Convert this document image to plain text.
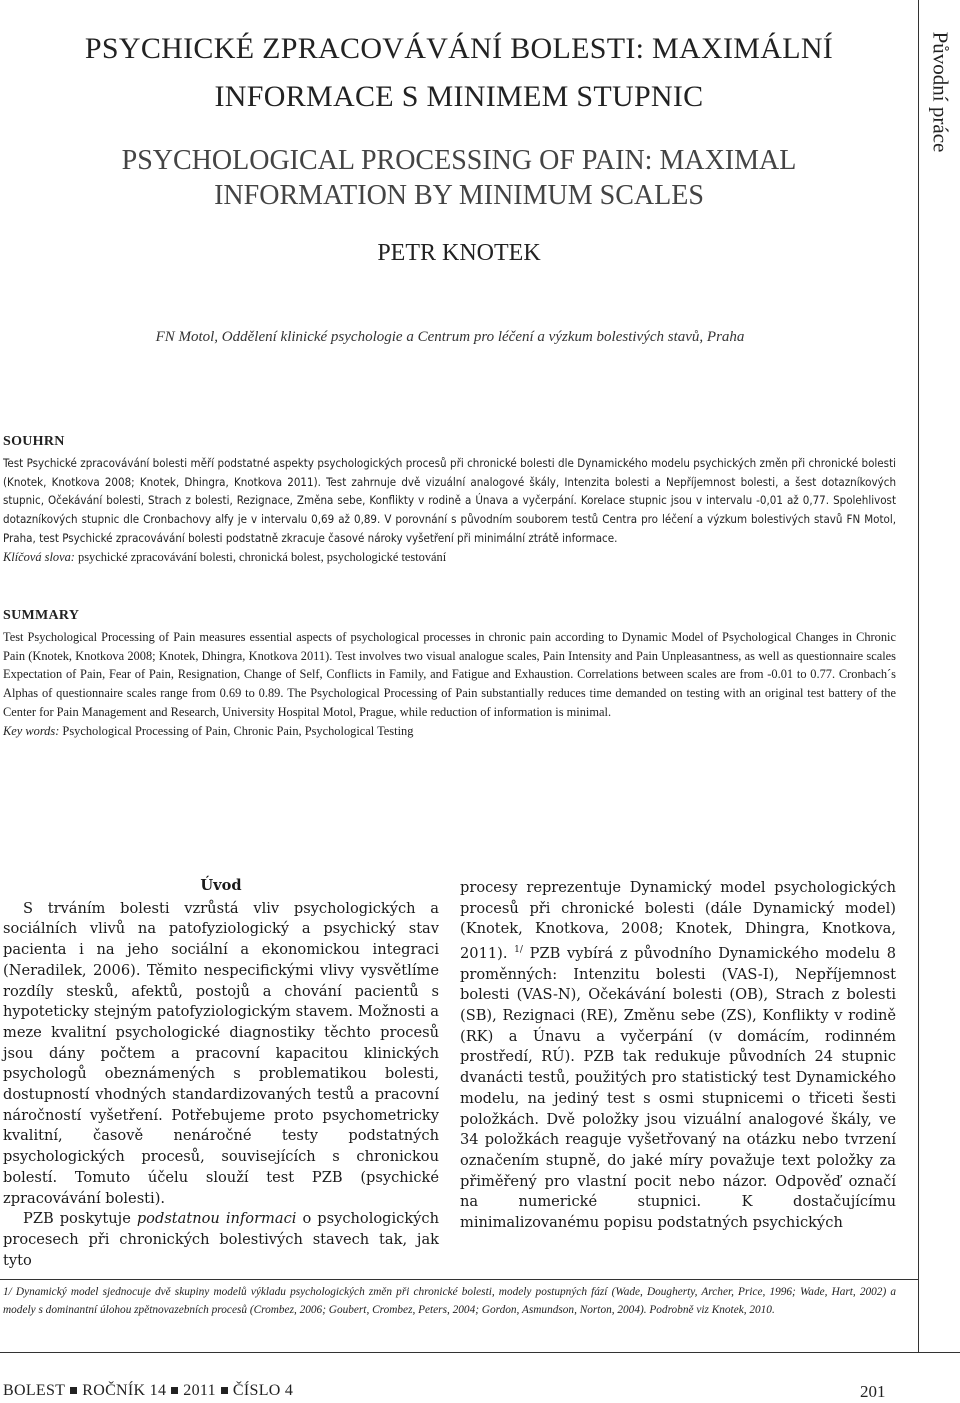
Původní práce
PSYCHICKÉ ZPRACOVÁVÁNÍ BOLESTI: MAXIMÁLNÍ
INFORMACE S MINIMEM STUPNIC
PSYCHOLOGICAL PROCESSING OF PAIN: MAXIMAL
INFORMATION BY MINIMUM SCALES
PETR KNOTEK
FN Motol, Oddělení klinické psychologie a Centrum pro léčení a výzkum bolestivých stavů, Praha
SOUHRN
Test Psychické zpracovávání bolesti měří podstatné aspekty psychologických procesů při chronické bolesti dle Dynamického modelu psychických změn při chronické bolesti (Knotek, Knotkova 2008; Knotek, Dhingra, Knotkova 2011). Test zahrnuje dvě vizuální analogové škály, Intenzita bolesti a Nepříjemnost bolesti, a šest dotazníkových stupnic, Očekávání bolesti, Strach z bolesti, Rezignace, Změna sebe, Konflikty v rodině a Únava a vyčerpání. Korelace stupnic jsou v intervalu -0,01 až 0,77. Spolehlivost dotazníkových stupnic dle Cronbachovy alfy je v intervalu 0,69 až 0,89. V porovnání s původním souborem testů Centra pro léčení a výzkum bolestivých stavů FN Motol, Praha, test Psychické zpracovávání bolesti podstatně zkracuje časové nároky vyšetření při minimální ztrátě informace.
Klíčová slova: psychické zpracovávání bolesti, chronická bolest, psychologické testování
SUMMARY
Test Psychological Processing of Pain measures essential aspects of psychological processes in chronic pain according to Dynamic Model of Psychological Changes in Chronic Pain (Knotek, Knotkova 2008; Knotek, Dhingra, Knotkova 2011). Test involves two visual analogue scales, Pain Intensity and Pain Unpleasantness, as well as questionnaire scales Expectation of Pain, Fear of Pain, Resignation, Change of Self, Conflicts in Family, and Fatigue and Exhaustion. Correlations between scales are from -0.01 to 0.77. Cronbach´s Alphas of questionnaire scales range from 0.69 to 0.89. The Psychological Processing of Pain substantially reduces time demanded on testing with an original test battery of the Center for Pain Management and Research, University Hospital Motol, Prague, while reduction of information is minimal.
Key words: Psychological Processing of Pain, Chronic Pain, Psychological Testing
Úvod

S trváním bolesti vzrůstá vliv psychologických a sociálních vlivů na patofyziologický a psychický stav pacienta i na jeho sociální a ekonomickou integraci (Neradilek, 2006). Těmito nespecifickými vlivy vysvětlíme rozdíly stesků, afektů, postojů a chování pacientů s hypoteticky stejným patofyziologickým stavem. Možnosti a meze kvalitní psychologické diagnostiky těchto procesů jsou dány počtem a pracovní kapacitou klinických psychologů obeznámených s problematikou bolesti, dostupností vhodných standardizovaných testů a pracovní náročností vyšetření. Potřebujeme proto psychometricky kvalitní, časově nenáročné testy podstatných psychologických procesů, souvisejících s chronickou bolestí. Tomuto účelu slouží test PZB (psychické zpracovávání bolesti).

PZB poskytuje podstatnou informaci o psychologických procesech při chronických bolestivých stavech tak, jak tyto

procesy reprezentuje Dynamický model psychologických procesů při chronické bolesti (dále Dynamický model) (Knotek, Knotkova, 2008; Knotek, Dhingra, Knotkova, 2011). $^{1/}$ PZB vybírá z původního Dynamického modelu 8 proměnných: Intenzitu bolesti (VAS-I), Nepříjemnost bolesti (VAS-N), Očekávání bolesti (OB), Strach z bolesti (SB), Rezignaci (RE), Změnu sebe (ZS), Konflikty v rodině (RK) a Únavu a vyčerpání (v domácím, rodinném prostředí, RÚ). PZB tak redukuje původních 24 stupnic dvanácti testů, použitých pro statistický test Dynamického modelu, na jediný test s osmi stupnicemi o třiceti šesti položkách. Dvě položky jsou vizuální analogové škály, ve 34 položkách reaguje vyšetřovaný na otázku nebo tvrzení označením stupně, do jaké míry považuje text položky za přiměřený pro vlastní pocit nebo názor. Odpověď označí na numerické stupnici. K dostačujícímu minimalizovanému popisu podstatných psychických

1/ Dynamický model sjednocuje dvě skupiny modelů výkladu psychologických změn při chronické bolesti, modely postupných fází (Wade, Dougherty, Archer, Price, 1996; Wade, Hart, 2002) a modely s dominantní úlohou zpětnovazebních procesů (Crombez, 2006; Goubert, Crombez, Peters, 2004; Gordon, Asmundson, Norton, 2004). Podrobně viz Knotek, 2010.
BOLEST ROČNÍK 14 2011 ČÍSLO 4	201
